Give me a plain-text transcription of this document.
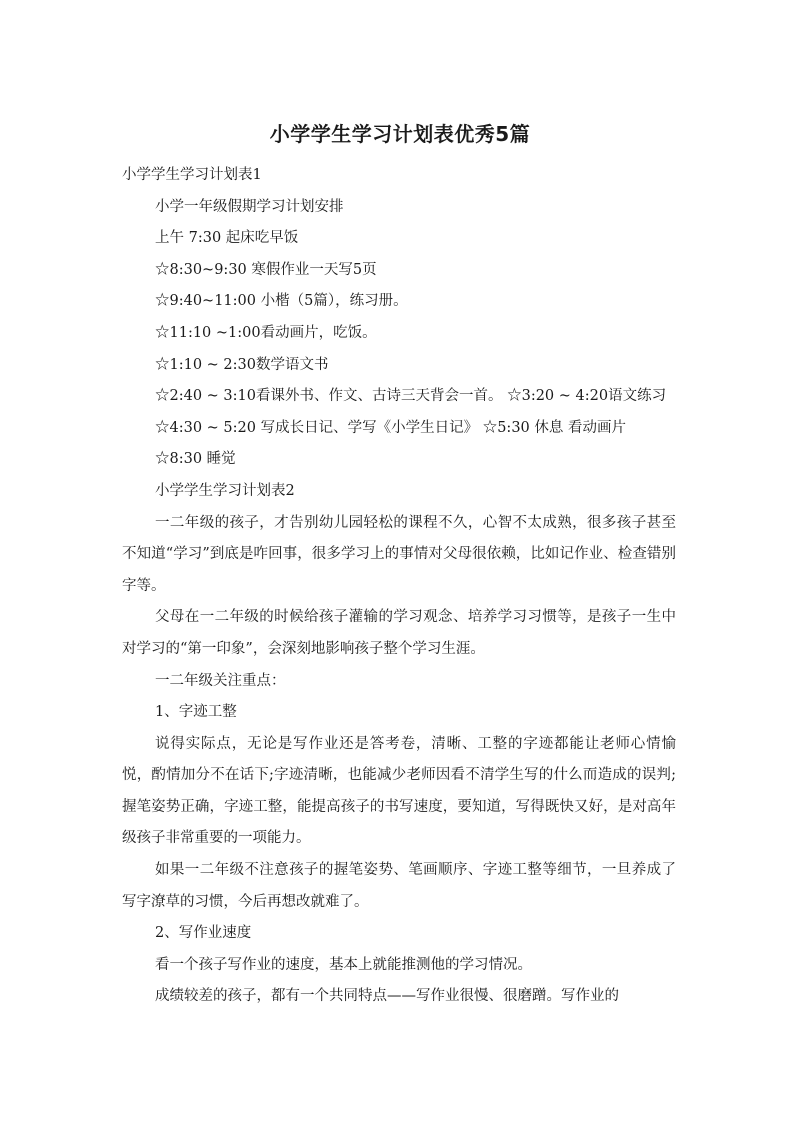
小学学生学习计划表优秀5篇

小学学生学习计划表1

小学一年级假期学习计划安排

上午 7:30 起床吃早饭

☆8:30~9:30 寒假作业一天写5页

☆9:40~11:00 小楷（5篇），练习册。

☆11:10 ~1:00看动画片，吃饭。

☆1:10 ~ 2:30数学语文书

☆2:40 ~ 3:10看课外书、作文、古诗三天背会一首。 ☆3:20 ~ 4:20语文练习

☆4:30 ~ 5:20 写成长日记、学写《小学生日记》 ☆5:30 休息 看动画片

☆8:30 睡觉

小学学生学习计划表2

一二年级的孩子，才告别幼儿园轻松的课程不久，心智不太成熟，很多孩子甚至不知道“学习”到底是咋回事，很多学习上的事情对父母很依赖，比如记作业、检查错别字等。

父母在一二年级的时候给孩子灌输的学习观念、培养学习习惯等，是孩子一生中对学习的“第一印象”，会深刻地影响孩子整个学习生涯。

一二年级关注重点：

1、字迹工整

说得实际点，无论是写作业还是答考卷，清晰、工整的字迹都能让老师心情愉悦，酌情加分不在话下;字迹清晰，也能减少老师因看不清学生写的什么而造成的误判;握笔姿势正确，字迹工整，能提高孩子的书写速度，要知道，写得既快又好，是对高年级孩子非常重要的一项能力。

如果一二年级不注意孩子的握笔姿势、笔画顺序、字迹工整等细节，一旦养成了写字潦草的习惯，今后再想改就难了。

2、写作业速度

看一个孩子写作业的速度，基本上就能推测他的学习情况。

成绩较差的孩子，都有一个共同特点——写作业很慢、很磨蹭。写作业的
